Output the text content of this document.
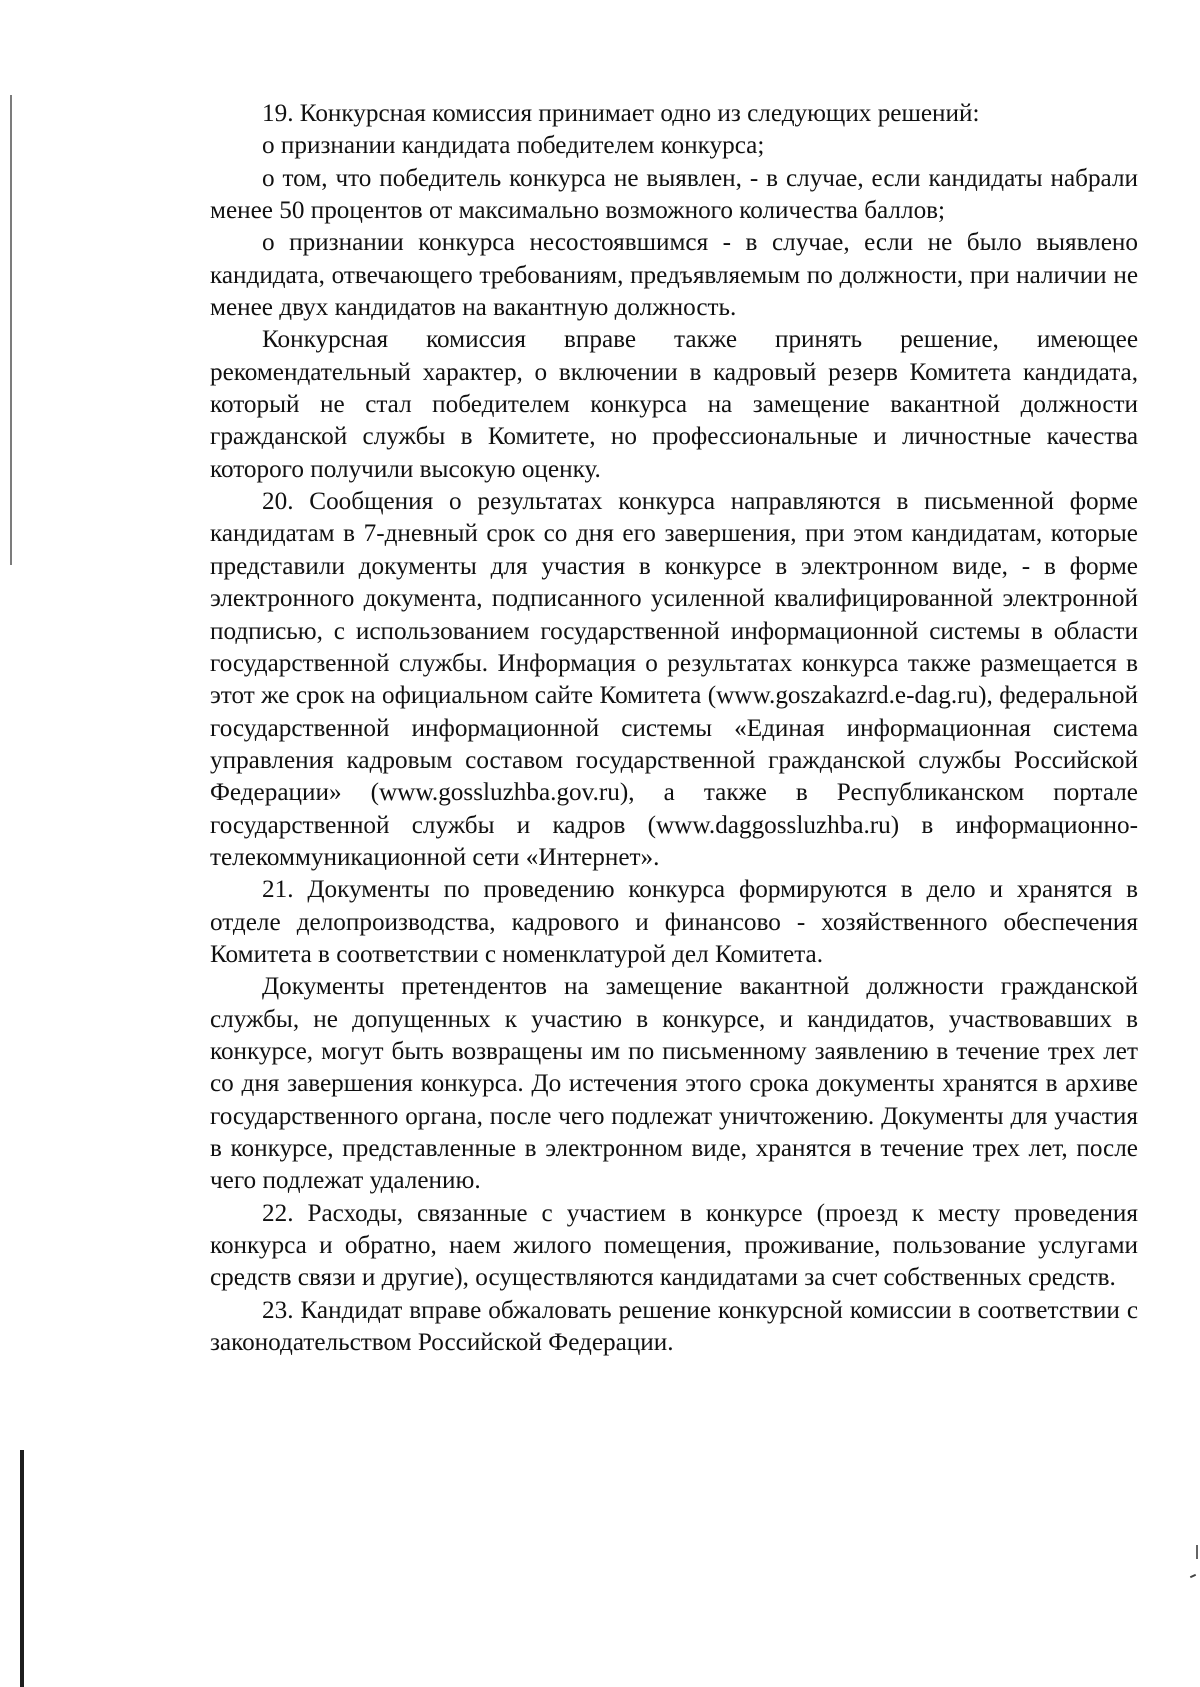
19. Конкурсная комиссия принимает одно из следующих решений:

о признании кандидата победителем конкурса;

о том, что победитель конкурса не выявлен, - в случае, если кандидаты набрали менее 50 процентов от максимально возможного количества баллов;

о признании конкурса несостоявшимся - в случае, если не было выявлено кандидата, отвечающего требованиям, предъявляемым по должности, при наличии не менее двух кандидатов на вакантную должность.

Конкурсная комиссия вправе также принять решение, имеющее рекомендательный характер, о включении в кадровый резерв Комитета кандидата, который не стал победителем конкурса на замещение вакантной должности гражданской службы в Комитете, но профессиональные и личностные качества которого получили высокую оценку.

20. Сообщения о результатах конкурса направляются в письменной форме кандидатам в 7-дневный срок со дня его завершения, при этом кандидатам, которые представили документы для участия в конкурсе в электронном виде, - в форме электронного документа, подписанного усиленной квалифицированной электронной подписью, с использованием государственной информационной системы в области государственной службы. Информация о результатах конкурса также размещается в этот же срок на официальном сайте Комитета (www.goszakazrd.e-dag.ru), федеральной государственной информационной системы «Единая информационная система управления кадровым составом государственной гражданской службы Российской Федерации» (www.gossluzhba.gov.ru), а также в Республиканском портале государственной службы и кадров (www.daggossluzhba.ru) в информационно-телекоммуникационной сети «Интернет».

21. Документы по проведению конкурса формируются в дело и хранятся в отделе делопроизводства, кадрового и финансово - хозяйственного обеспечения Комитета в соответствии с номенклатурой дел Комитета.

Документы претендентов на замещение вакантной должности гражданской службы, не допущенных к участию в конкурсе, и кандидатов, участвовавших в конкурсе, могут быть возвращены им по письменному заявлению в течение трех лет со дня завершения конкурса. До истечения этого срока документы хранятся в архиве государственного органа, после чего подлежат уничтожению. Документы для участия в конкурсе, представленные в электронном виде, хранятся в течение трех лет, после чего подлежат удалению.

22. Расходы, связанные с участием в конкурсе (проезд к месту проведения конкурса и обратно, наем жилого помещения, проживание, пользование услугами средств связи и другие), осуществляются кандидатами за счет собственных средств.

23. Кандидат вправе обжаловать решение конкурсной комиссии в соответствии с законодательством Российской Федерации.
